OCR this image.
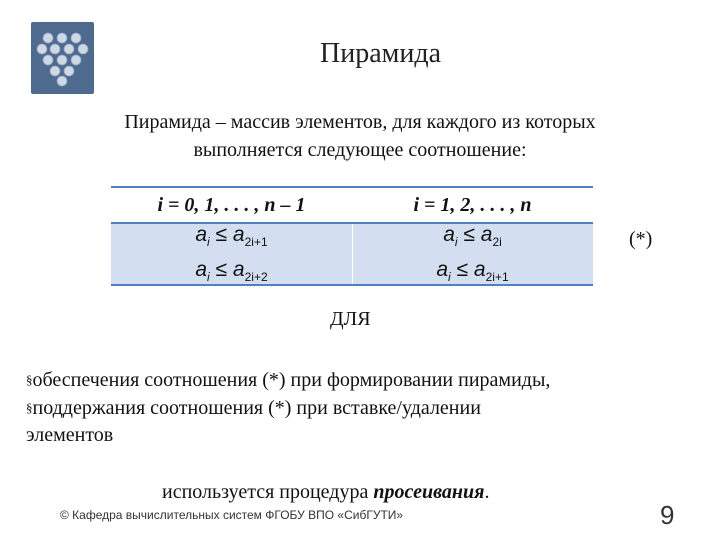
Пирамида
Пирамида – массив элементов, для каждого из которых
выполняется следующее соотношение:
i = 0, 1, . . . , n – 1	i = 1, 2, . . . , n
$a_i \le a_{2i+1}$
$a_i \le a_{2i+2}$
$a_i \le a_{2i}$
$a_i \le a_{2i+1}$
(*)
ДЛЯ
§обеспечения соотношения (*) при формировании пирамиды,
§поддержания соотношения (*) при вставке/удалении
элементов
используется процедура просеивания.
© Кафедра вычислительных систем ФГОБУ ВПО «СибГУТИ»	9
